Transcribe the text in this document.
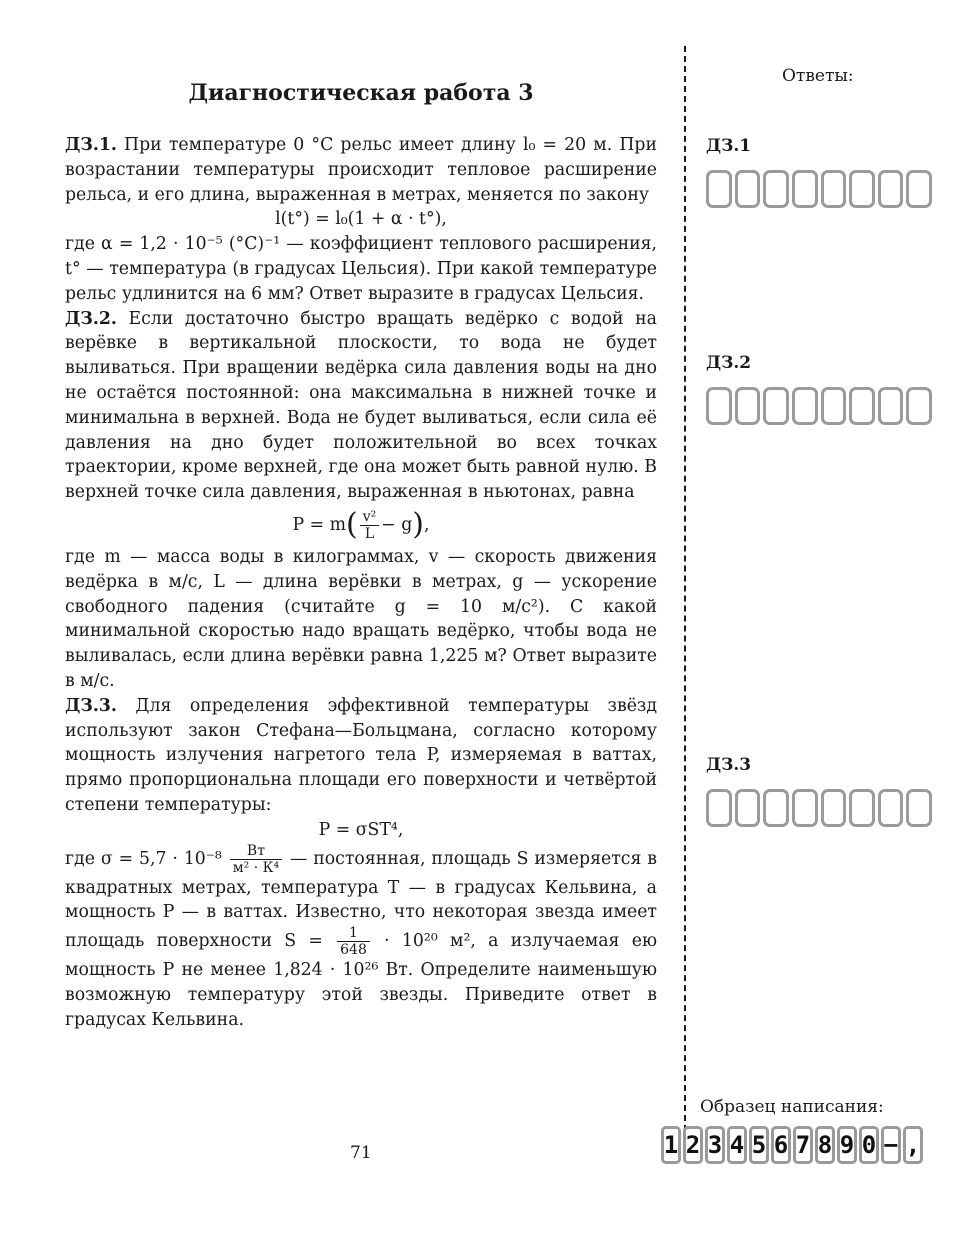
Диагностическая работа 3

ДЗ.1. При температуре 0 °С рельс имеет длину l₀ = 20 м. При возрастании температуры происходит тепловое расширение рельса, и его длина, выраженная в метрах, меняется по закону

l(t°) = l₀(1 + α · t°),

где α = 1,2 · 10⁻⁵ (°С)⁻¹ — коэффициент теплового расширения, t° — температура (в градусах Цельсия). При какой температуре рельс удлинится на 6 мм? Ответ выразите в градусах Цельсия.

ДЗ.2. Если достаточно быстро вращать ведёрко с водой на верёвке в вертикальной плоскости, то вода не будет выливаться. При вращении ведёрка сила давления воды на дно не остаётся постоянной: она максимальна в нижней точке и минимальна в верхней. Вода не будет выливаться, если сила её давления на дно будет положительной во всех точках траектории, кроме верхней, где она может быть равной нулю. В верхней точке сила давления, выраженная в ньютонах, равна

$P = m( \frac{\text{v²}}{L} - g)$,

где m — масса воды в килограммах, v — скорость движения ведёрка в м/с, L — длина верёвки в метрах, g — ускорение свободного падения (считайте g = 10 м/с²). С какой минимальной скоростью надо вращать ведёрко, чтобы вода не выливалась, если длина верёвки равна 1,225 м? Ответ выразите в м/с.

ДЗ.3. Для определения эффективной температуры звёзд используют закон Стефана—Больцмана, согласно которому мощность излучения нагретого тела P, измеряемая в ваттах, прямо пропорциональна площади его поверхности и четвёртой степени температуры:

P = σST⁴,

где $\sigma = 5,7 \cdot 10^{-8} \frac{Вт}{\text{м² · К⁴}}$ — постоянная, площадь S измеряется в квадратных метрах, температура T — в градусах Кельвина, а мощность P — в ваттах. Известно, что некоторая звезда имеет площадь поверхности $S = \frac{1}{648} \cdot 10^{20}$ м², а излучаемая ею мощность P не менее 1,824 · 10²⁶ Вт. Определите наименьшую возможную температуру этой звезды. Приведите ответ в градусах Кельвина.

Ответы:
ДЗ.1
ДЗ.2
ДЗ.3
Образец написания:
1 2 3 4 5 6 7 8 9 0 − ,
71
